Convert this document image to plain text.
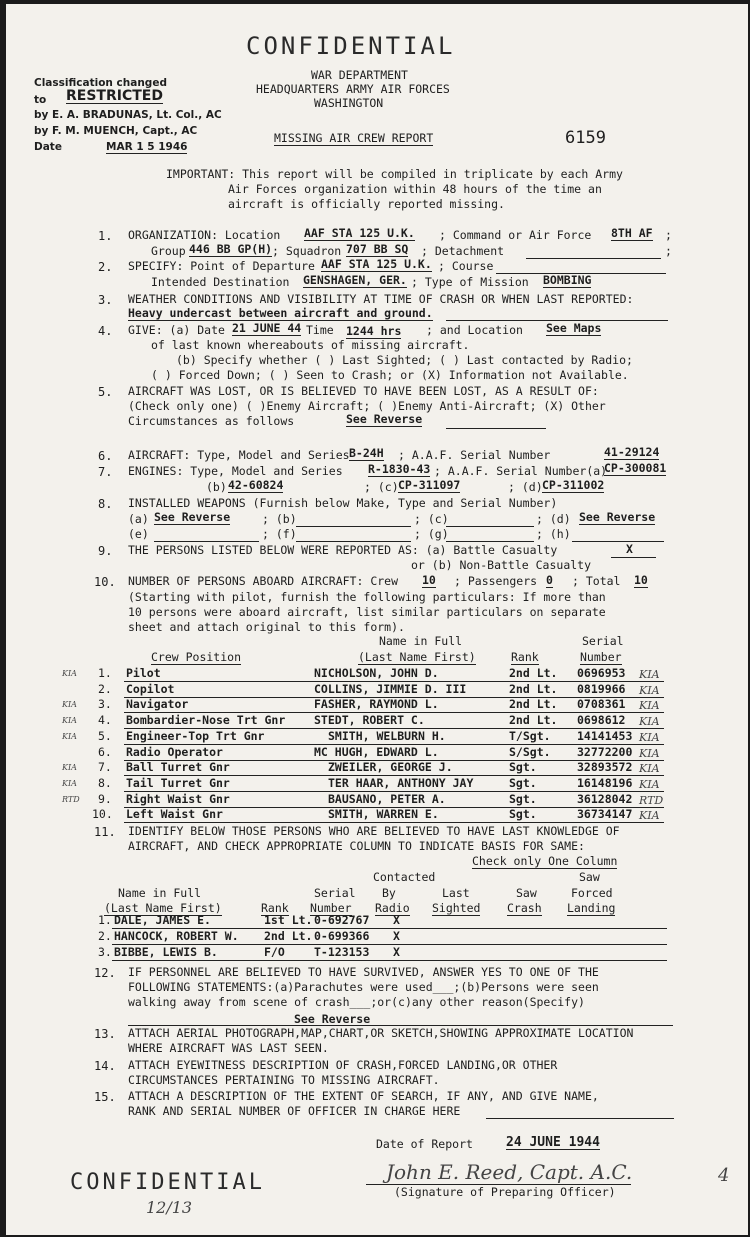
CONFIDENTIAL
WAR DEPARTMENT
HEADQUARTERS ARMY AIR FORCES
WASHINGTON
MISSING AIR CREW REPORT	6159
Classification changed
to RESTRICTED
by E. A. BRADUNAS, Lt. Col., AC
by F. M. MUENCH, Capt., AC
Date	MAR 1 5 1946
IMPORTANT: This report will be compiled in triplicate by each Army
Air Forces organization within 48 hours of the time an
aircraft is officially reported missing.
1. ORGANIZATION: Location AAF STA 125 U.K. ; Command or Air Force 8TH AF ;
Group 446 BB GP(H) ; Squadron 707 BB SQ ; Detachment	;
2. SPECIFY: Point of Departure AAF STA 125 U.K. ; Course
Intended Destination GENSHAGEN, GER. ; Type of Mission BOMBING
3. WEATHER CONDITIONS AND VISIBILITY AT TIME OF CRASH OR WHEN LAST REPORTED:
Heavy undercast between aircraft and ground.
4. GIVE: (a) Date 21 JUNE 44 Time 1244 hrs ; and Location See Maps
of last known whereabouts of missing aircraft.
(b) Specify whether ( ) Last Sighted; ( ) Last contacted by Radio;
( ) Forced Down; ( ) Seen to Crash; or (X) Information not Available.
5. AIRCRAFT WAS LOST, OR IS BELIEVED TO HAVE BEEN LOST, AS A RESULT OF:
(Check only one) ( )Enemy Aircraft; ( )Enemy Anti-Aircraft; (X) Other
Circumstances as follows	See Reverse
6. AIRCRAFT: Type, Model and Series B-24H ; A.A.F. Serial Number	41-29124
7. ENGINES: Type, Model and Series R-1830-43 ; A.A.F. Serial Number(a)
CP-300081
(b) 42-60824	; (c) CP-311097	; (d) CP-311002
8. INSTALLED WEAPONS (Furnish below Make, Type and Serial Number)
(a) See Reverse	; (b)	; (c)	; (d) See Reverse
(e)	; (f)	; (g)	; (h)
9. THE PERSONS LISTED BELOW WERE REPORTED AS: (a) Battle Casualty	X
or (b) Non-Battle Casualty
10. NUMBER OF PERSONS ABOARD AIRCRAFT: Crew 10 ; Passengers 0 ; Total 10
(Starting with pilot, furnish the following particulars: If more than
10 persons were aboard aircraft, list similar particulars on separate
sheet and attach original to this form).
Name in Full	Serial
Crew Position	(Last Name First)	Rank	Number
KIA 1. Pilot	NICHOLSON, JOHN D.	2nd Lt. 0696953 KIA
2. Copilot	COLLINS, JIMMIE D. III	2nd Lt. 0819966 KIA
KIA 3. Navigator	FASHER, RAYMOND L.	2nd Lt. 0708361 KIA
KIA 4. Bombardier-Nose Trt Gnr	STEDT, ROBERT C.	2nd Lt. 0698612 KIA
KIA 5. Engineer-Top Trt Gnr	SMITH, WELBURN H.	T/Sgt. 14141453 KIA
6. Radio Operator	MC HUGH, EDWARD L.	S/Sgt. 32772200 KIA
KIA 7. Ball Turret Gnr	ZWEILER, GEORGE J.	Sgt.	32893572 KIA
KIA 8. Tail Turret Gnr	TER HAAR, ANTHONY JAY	Sgt.	16148196 KIA
RTD 9. Right Waist Gnr	BAUSANO, PETER A.	Sgt.	36128042 RTD
10. Left Waist Gnr	SMITH, WARREN E.	Sgt.	36734147 KIA
11. IDENTIFY BELOW THOSE PERSONS WHO ARE BELIEVED TO HAVE LAST KNOWLEDGE OF
AIRCRAFT, AND CHECK APPROPRIATE COLUMN TO INDICATE BASIS FOR SAME:
Check only One Column
Contacted	Saw
Name in Full	Serial By	Last	Saw	Forced
(Last Name First)	Rank Number Radio Sighted Crash Landing
1. DALE, JAMES E.	1st Lt. 0-692767 X
2. HANCOCK, ROBERT W. 2nd Lt. 0-699366 X
3. BIBBE, LEWIS B.	F/O	T-123153 X
12. IF PERSONNEL ARE BELIEVED TO HAVE SURVIVED, ANSWER YES TO ONE OF THE
FOLLOWING STATEMENTS:(a)Parachutes were used___;(b)Persons were seen
walking away from scene of crash___;or(c)any other reason(Specify)
See Reverse
13. ATTACH AERIAL PHOTOGRAPH,MAP,CHART,OR SKETCH,SHOWING APPROXIMATE LOCATION
WHERE AIRCRAFT WAS LAST SEEN.
14. ATTACH EYEWITNESS DESCRIPTION OF CRASH,FORCED LANDING,OR OTHER
CIRCUMSTANCES PERTAINING TO MISSING AIRCRAFT.
15. ATTACH A DESCRIPTION OF THE EXTENT OF SEARCH, IF ANY, AND GIVE NAME,
RANK AND SERIAL NUMBER OF OFFICER IN CHARGE HERE
Date of Report	24 JUNE 1944
John E. Reed, Capt. A.C.
(Signature of Preparing Officer)
CONFIDENTIAL
12/13
4
